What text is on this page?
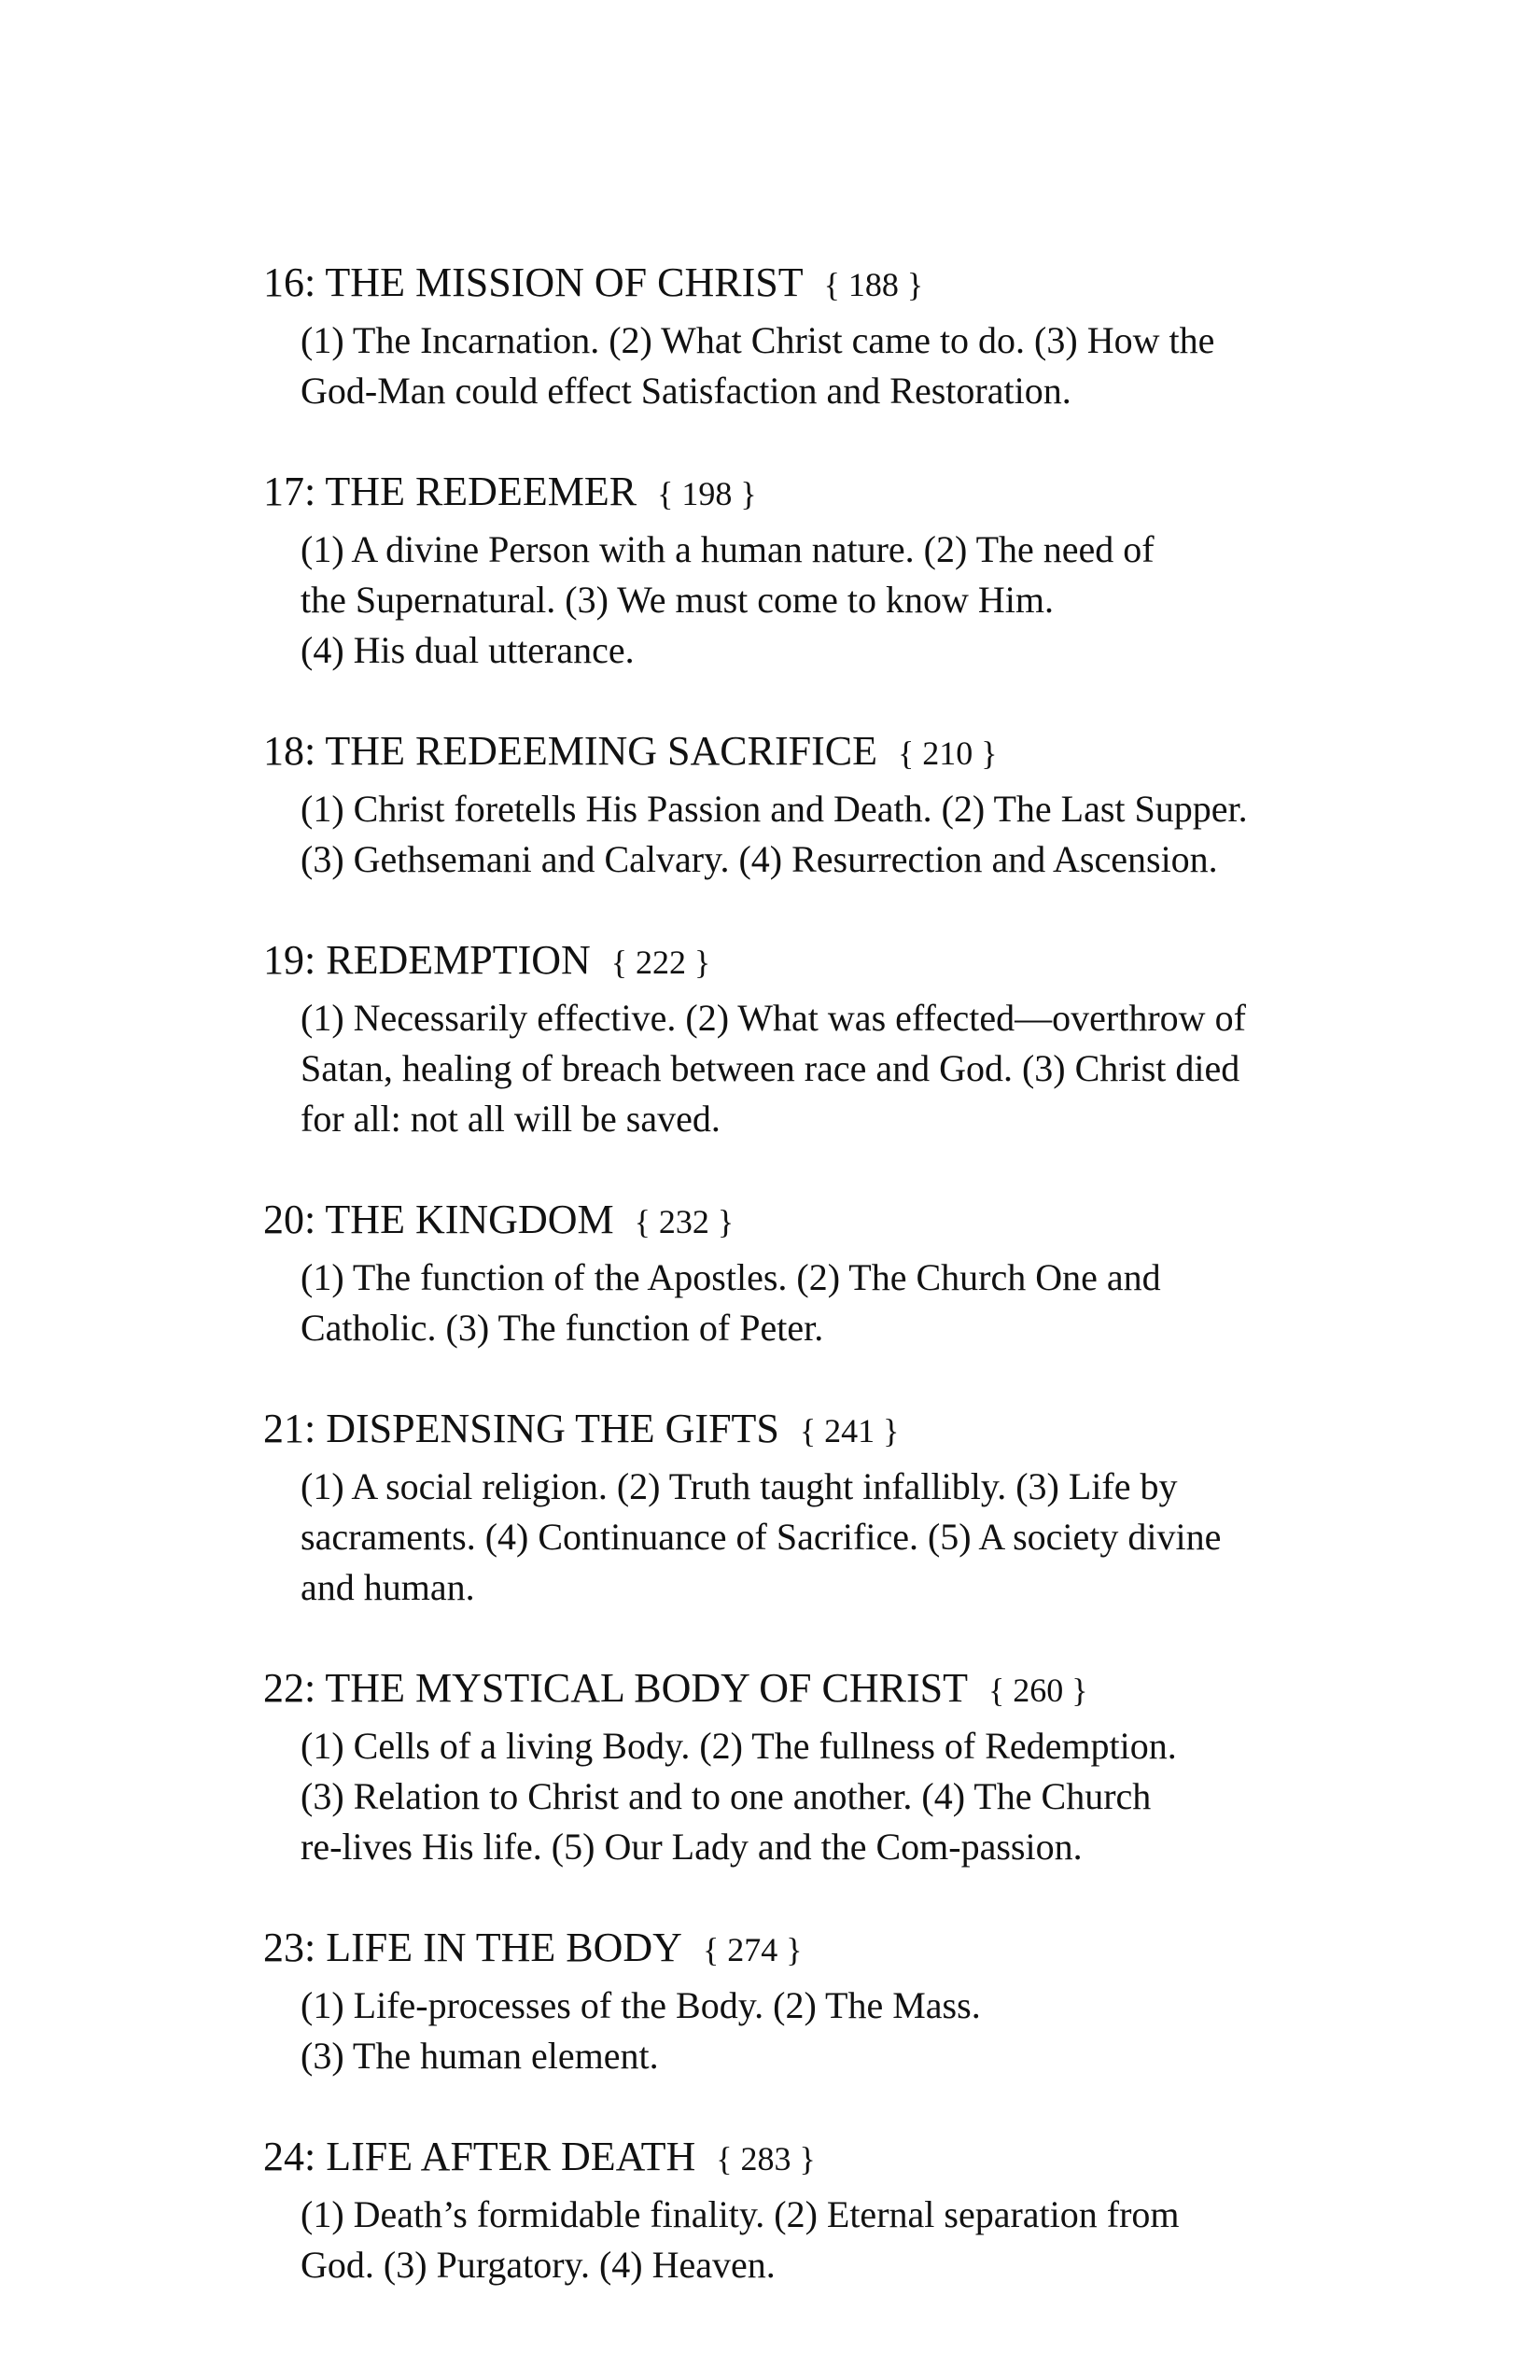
16: THE MISSION OF CHRIST { 188 }

(1) The Incarnation. (2) What Christ came to do. (3) How the
God-Man could effect Satisfaction and Restoration.

17: THE REDEEMER { 198 }

(1) A divine Person with a human nature. (2) The need of
the Supernatural. (3) We must come to know Him.
(4) His dual utterance.

18: THE REDEEMING SACRIFICE { 210 }

(1) Christ foretells His Passion and Death. (2) The Last Supper.
(3) Gethsemani and Calvary. (4) Resurrection and Ascension.

19: REDEMPTION { 222 }

(1) Necessarily effective. (2) What was effected—overthrow of
Satan, healing of breach between race and God. (3) Christ died
for all: not all will be saved.

20: THE KINGDOM { 232 }

(1) The function of the Apostles. (2) The Church One and
Catholic. (3) The function of Peter.

21: DISPENSING THE GIFTS { 241 }

(1) A social religion. (2) Truth taught infallibly. (3) Life by
sacraments. (4) Continuance of Sacrifice. (5) A society divine
and human.

22: THE MYSTICAL BODY OF CHRIST { 260 }

(1) Cells of a living Body. (2) The fullness of Redemption.
(3) Relation to Christ and to one another. (4) The Church
re-lives His life. (5) Our Lady and the Com-passion.

23: LIFE IN THE BODY { 274 }

(1) Life-processes of the Body. (2) The Mass.
(3) The human element.

24: LIFE AFTER DEATH { 283 }

(1) Death’s formidable finality. (2) Eternal separation from
God. (3) Purgatory. (4) Heaven.
